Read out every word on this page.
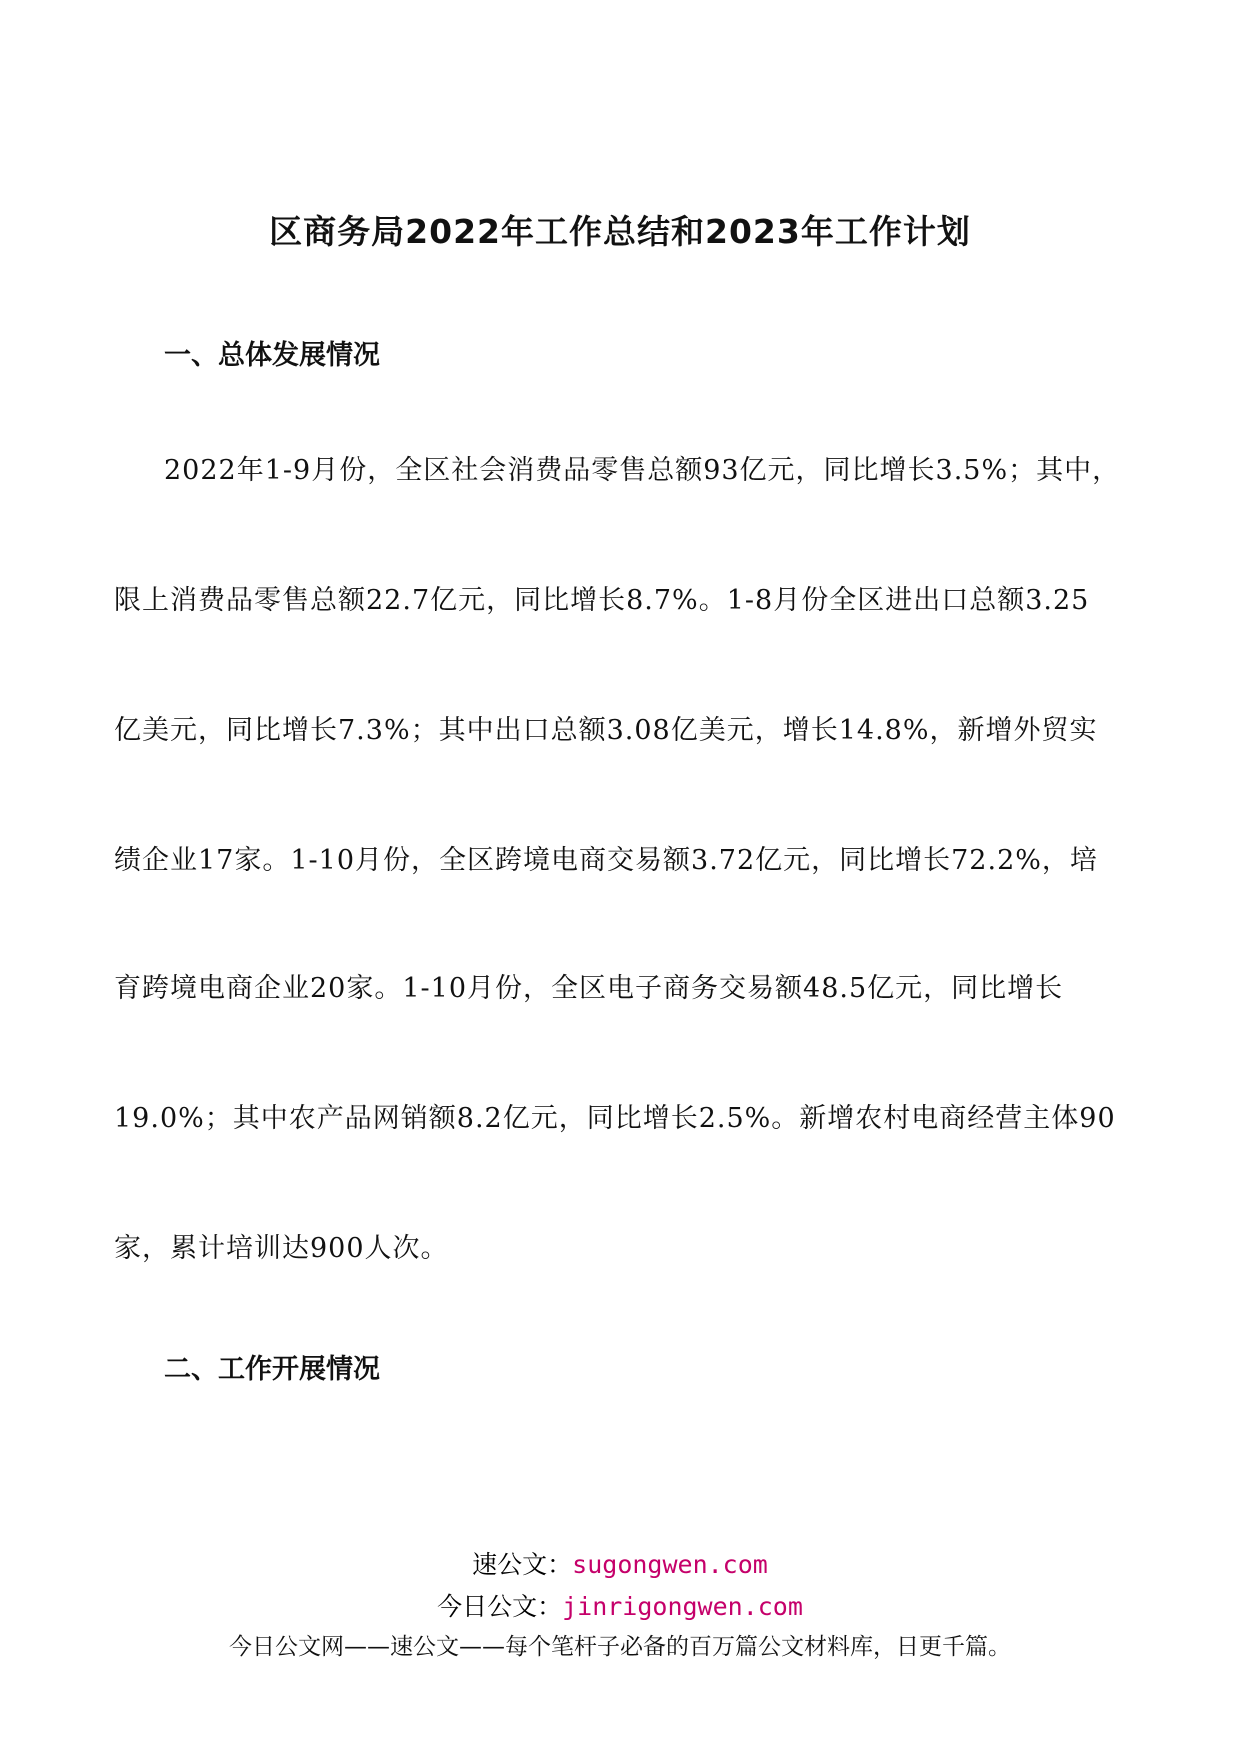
区商务局2022年工作总结和2023年工作计划
一、总体发展情况
2022年1-9月份，全区社会消费品零售总额93亿元，同比增长3.5%；其中，
限上消费品零售总额22.7亿元，同比增长8.7%。1-8月份全区进出口总额3.25
亿美元，同比增长7.3%；其中出口总额3.08亿美元，增长14.8%，新增外贸实
绩企业17家。1-10月份，全区跨境电商交易额3.72亿元，同比增长72.2%，培
育跨境电商企业20家。1-10月份，全区电子商务交易额48.5亿元，同比增长
19.0%；其中农产品网销额8.2亿元，同比增长2.5%。新增农村电商经营主体90
家，累计培训达900人次。
二、工作开展情况
速公文：sugongwen.com
今日公文：jinrigongwen.com
今日公文网——速公文——每个笔杆子必备的百万篇公文材料库，日更千篇。
